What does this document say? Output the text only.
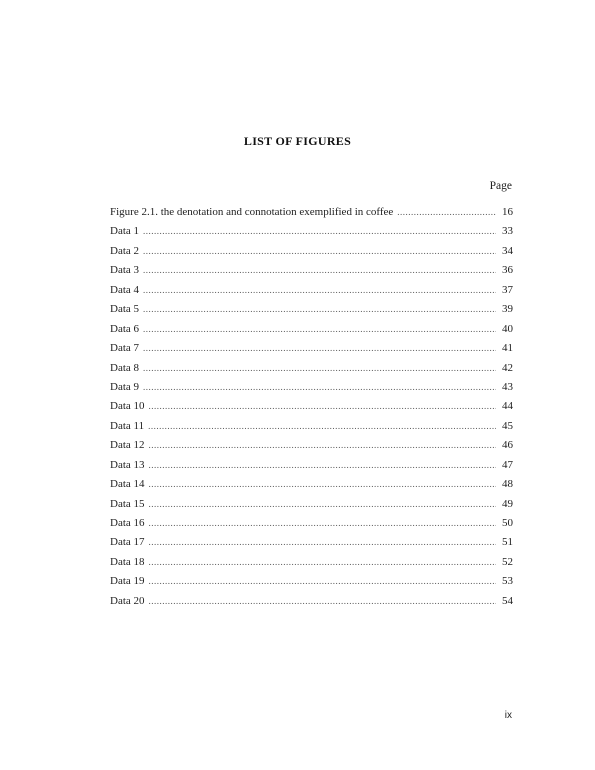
LIST OF FIGURES
Page
Figure 2.1. the denotation and connotation exemplified in coffee .....	16
Data 1 .....	33
Data 2 .....	34
Data 3 .....	36
Data 4 .....	37
Data 5 .....	39
Data 6 .....	40
Data 7 .....	41
Data 8 .....	42
Data 9 .....	43
Data 10 .....	44
Data 11 .....	45
Data 12 .....	46
Data 13 .....	47
Data 14 .....	48
Data 15 .....	49
Data 16 .....	50
Data 17 .....	51
Data 18 .....	52
Data 19 .....	53
Data 20 .....	54
ix
